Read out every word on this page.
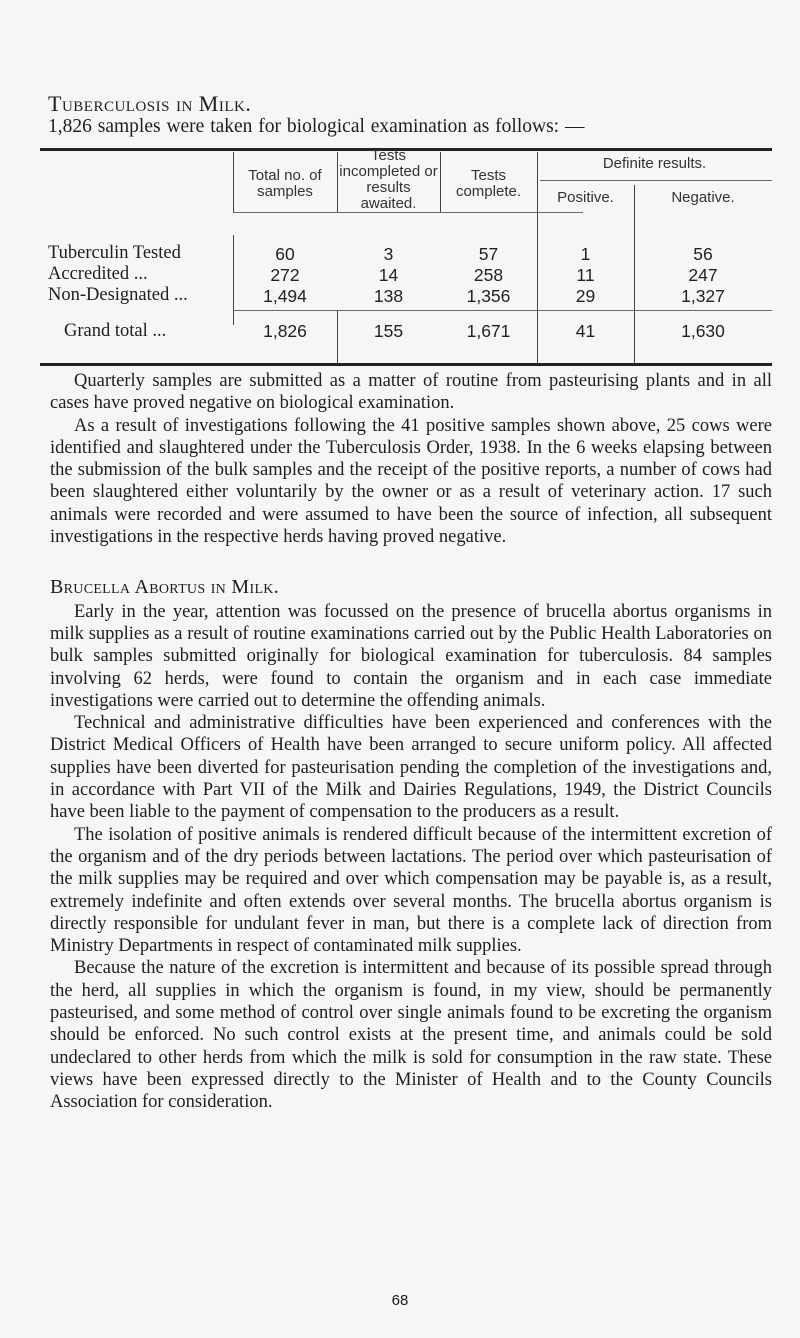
Tuberculosis in Milk.
1,826 samples were taken for biological examination as follows: —
Total no. of samples
Tests incompleted or results awaited.
Tests complete.
Definite results.
Positive.	Negative.
Tuberculin Tested	60	3	57	1	56
Accredited ...	272	14	258	11	247
Non-Designated ...	1,494	138	1,356	29	1,327
Grand total ...	1,826	155	1,671	41	1,630

Quarterly samples are submitted as a matter of routine from pasteurising plants and in all cases have proved negative on biological examination.

As a result of investigations following the 41 positive samples shown above, 25 cows were identified and slaughtered under the Tuberculosis Order, 1938. In the 6 weeks elapsing between the submission of the bulk samples and the receipt of the positive reports, a number of cows had been slaughtered either voluntarily by the owner or as a result of veterinary action. 17 such animals were recorded and were assumed to have been the source of infection, all subsequent investigations in the respective herds having proved negative.

Brucella Abortus in Milk.

Early in the year, attention was focussed on the presence of brucella abortus organisms in milk supplies as a result of routine examinations carried out by the Public Health Laboratories on bulk samples submitted originally for biological examination for tuberculosis. 84 samples involving 62 herds, were found to contain the organism and in each case immediate investigations were carried out to determine the offending animals.

Technical and administrative difficulties have been experienced and conferences with the District Medical Officers of Health have been arranged to secure uniform policy. All affected supplies have been diverted for pasteurisation pending the completion of the investigations and, in accordance with Part VII of the Milk and Dairies Regulations, 1949, the District Councils have been liable to the payment of compensation to the producers as a result.

The isolation of positive animals is rendered difficult because of the intermittent excretion of the organism and of the dry periods between lactations. The period over which pasteurisation of the milk supplies may be required and over which compensation may be payable is, as a result, extremely indefinite and often extends over several months. The brucella abortus organism is directly responsible for undulant fever in man, but there is a complete lack of direction from Ministry Departments in respect of contaminated milk supplies.

Because the nature of the excretion is intermittent and because of its possible spread through the herd, all supplies in which the organism is found, in my view, should be permanently pasteurised, and some method of control over single animals found to be excreting the organism should be enforced. No such control exists at the present time, and animals could be sold undeclared to other herds from which the milk is sold for consumption in the raw state. These views have been expressed directly to the Minister of Health and to the County Councils Association for consideration.

68
